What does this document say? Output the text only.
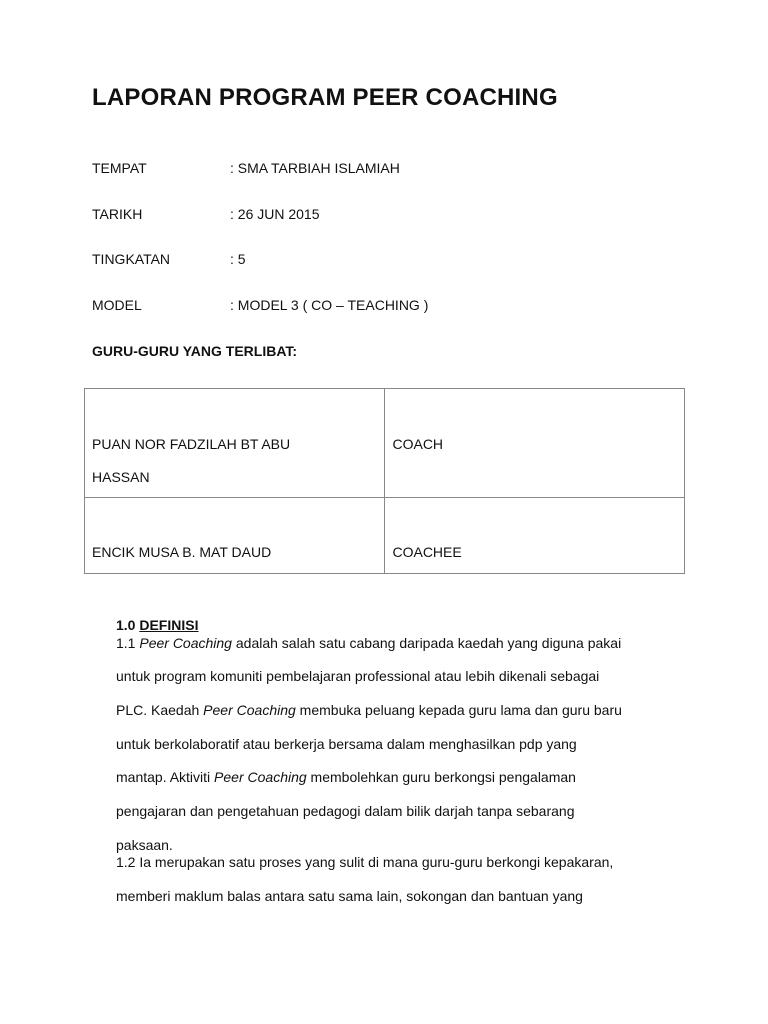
LAPORAN PROGRAM PEER COACHING
TEMPAT	: SMA TARBIAH ISLAMIAH
TARIKH	: 26 JUN 2015
TINGKATAN	: 5
MODEL	: MODEL 3 ( CO – TEACHING )
GURU-GURU YANG TERLIBAT:
PUAN NOR FADZILAH BT ABU
HASSAN	COACH

ENCIK MUSA B. MAT DAUD	COACHEE
1.0 DEFINISI
1.1 Peer Coaching adalah salah satu cabang daripada kaedah yang diguna pakai
untuk program komuniti pembelajaran professional atau lebih dikenali sebagai
PLC. Kaedah Peer Coaching membuka peluang kepada guru lama dan guru baru
untuk berkolaboratif atau berkerja bersama dalam menghasilkan pdp yang
mantap. Aktiviti Peer Coaching membolehkan guru berkongsi pengalaman
pengajaran dan pengetahuan pedagogi dalam bilik darjah tanpa sebarang
paksaan.
1.2 Ia merupakan satu proses yang sulit di mana guru-guru berkongi kepakaran,
memberi maklum balas antara satu sama lain, sokongan dan bantuan yang
